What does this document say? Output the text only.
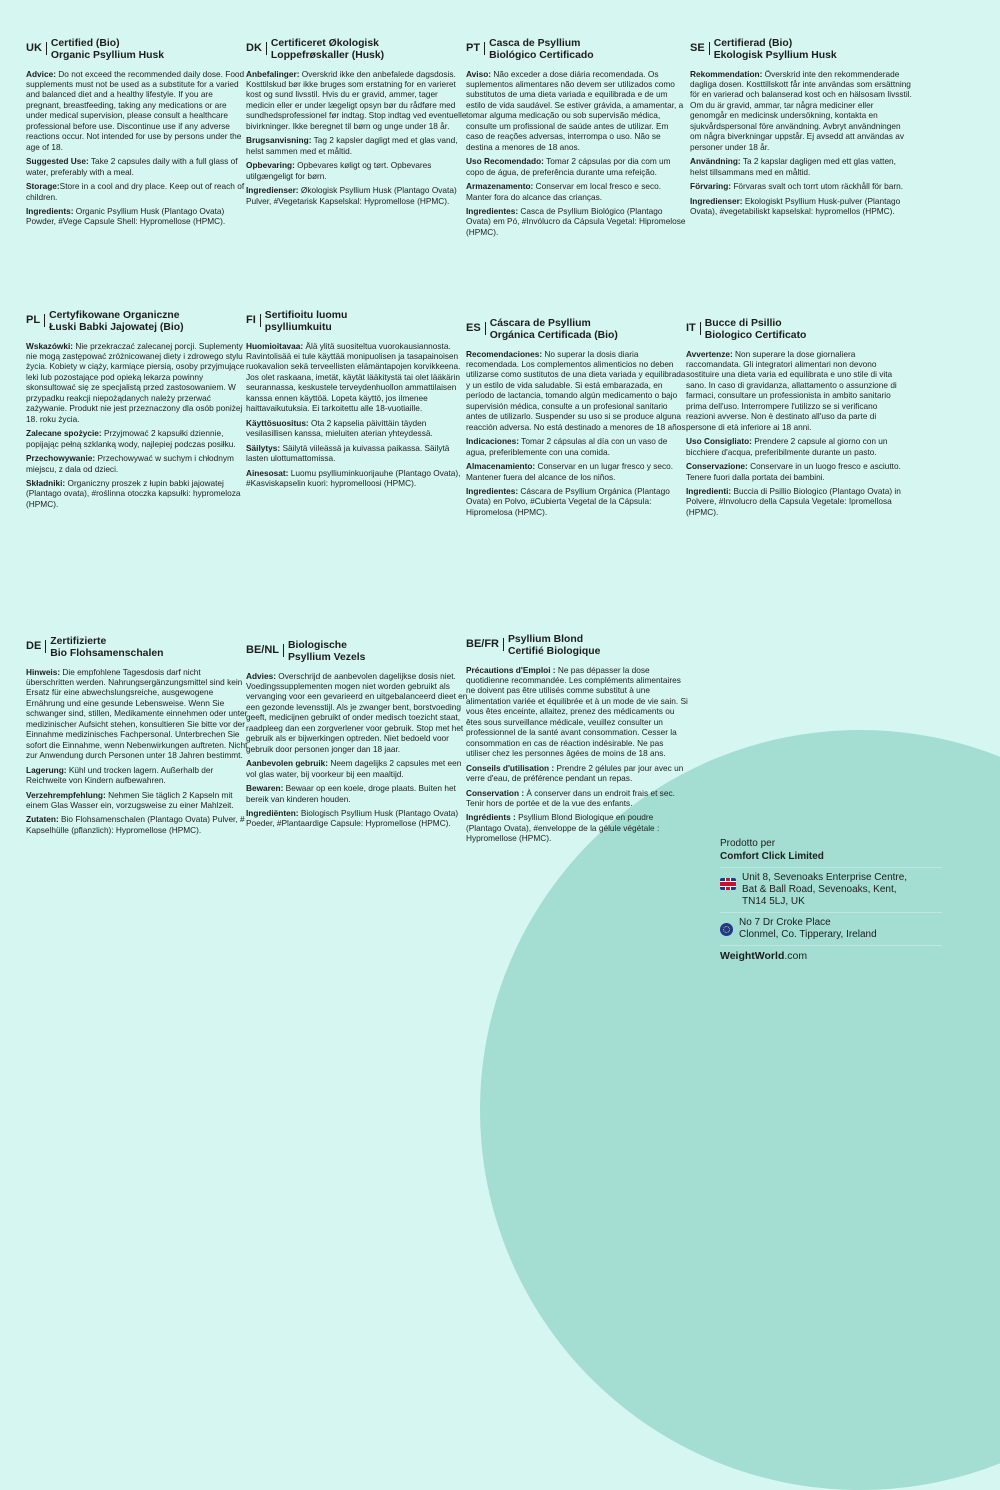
UK Certified (Bio)
Organic Psyllium Husk

Advice: Do not exceed the recommended daily dose. Food supplements must not be used as a substitute for a varied and balanced diet and a healthy lifestyle. If you are pregnant, breastfeeding, taking any medications or are under medical supervision, please consult a healthcare professional before use. Discontinue use if any adverse reactions occur. Not intended for use by persons under the age of 18.

Suggested Use: Take 2 capsules daily with a full glass of water, preferably with a meal.

Storage:Store in a cool and dry place. Keep out of reach of children.

Ingredients: Organic Psyllium Husk (Plantago Ovata) Powder, #Vege Capsule Shell: Hypromellose (HPMC).

DK Certificeret Økologisk
Loppefrøskaller (Husk)

Anbefalinger: Overskrid ikke den anbefalede dagsdosis. Kosttilskud bør ikke bruges som erstatning for en varieret kost og sund livsstil. Hvis du er gravid, ammer, tager medicin eller er under lægeligt opsyn bør du rådføre med sundhedsprofessionel før indtag. Stop indtag ved eventuelle bivirkninger. Ikke beregnet til børn og unge under 18 år.

Brugsanvisning: Tag 2 kapsler dagligt med et glas vand, helst sammen med et måltid.

Opbevaring: Opbevares køligt og tørt. Opbevares utilgængeligt for børn.

Ingredienser: Økologisk Psyllium Husk (Plantago Ovata) Pulver, #Vegetarisk Kapselskal: Hypromellose (HPMC).

PT Casca de Psyllium
Biológico Certificado

Aviso: Não exceder a dose diária recomendada. Os suplementos alimentares não devem ser utilizados como substitutos de uma dieta variada e equilibrada e de um estilo de vida saudável. Se estiver grávida, a amamentar, a tomar alguma medicação ou sob supervisão médica, consulte um profissional de saúde antes de utilizar. Em caso de reações adversas, interrompa o uso. Não se destina a menores de 18 anos.

Uso Recomendado: Tomar 2 cápsulas por dia com um copo de água, de preferência durante uma refeição.

Armazenamento: Conservar em local fresco e seco. Manter fora do alcance das crianças.

Ingredientes: Casca de Psyllium Biológico (Plantago Ovata) em Pó, #Invólucro da Cápsula Vegetal: Hipromelose (HPMC).

SE Certifierad (Bio)
Ekologisk Psyllium Husk

Rekommendation: Överskrid inte den rekommenderade dagliga dosen. Kosttillskott får inte användas som ersättning för en varierad och balanserad kost och en hälsosam livsstil. Om du är gravid, ammar, tar några mediciner eller genomgår en medicinsk undersökning, kontakta en sjukvårdspersonal före användning. Avbryt användningen om några biverkningar uppstår. Ej avsedd att användas av personer under 18 år.

Användning: Ta 2 kapslar dagligen med ett glas vatten, helst tillsammans med en måltid.

Förvaring: Förvaras svalt och torrt utom räckhåll för barn.

Ingredienser: Ekologiskt Psyllium Husk-pulver (Plantago Ovata), #vegetabiliskt kapselskal: hypromellos (HPMC).

PL Certyfikowane Organiczne
Łuski Babki Jajowatej (Bio)

Wskazówki: Nie przekraczać zalecanej porcji. Suplementy nie mogą zastępować zróżnicowanej diety i zdrowego stylu życia. Kobiety w ciąży, karmiące piersią, osoby przyjmujące leki lub pozostające pod opieką lekarza powinny skonsultować się ze specjalistą przed zastosowaniem. W przypadku reakcji niepożądanych należy przerwać zażywanie. Produkt nie jest przeznaczony dla osób poniżej 18. roku życia.

Zalecane spożycie: Przyjmować 2 kapsułki dziennie, popijając pełną szklanką wody, najlepiej podczas posiłku.

Przechowywanie: Przechowywać w suchym i chłodnym miejscu, z dala od dzieci.

Składniki: Organiczny proszek z łupin babki jajowatej (Plantago ovata), #roślinna otoczka kapsułki: hypromeloza (HPMC).

FI Sertifioitu luomu
psylliumkuitu

Huomioitavaa: Älä ylitä suositeltua vuorokausiannosta. Ravintolisää ei tule käyttää monipuolisen ja tasapainoisen ruokavalion sekä terveellisten elämäntapojen korvikkeena. Jos olet raskaana, imetät, käytät lääkitystä tai olet lääkärin seurannassa, keskustele terveydenhuollon ammattilaisen kanssa ennen käyttöä. Lopeta käyttö, jos ilmenee haittavaikutuksia. Ei tarkoitettu alle 18-vuotiaille.

Käyttösuositus: Ota 2 kapselia päivittäin täyden vesilasillisen kanssa, mieluiten aterian yhteydessä.

Säilytys: Säilytä viileässä ja kuivassa paikassa. Säilytä lasten ulottumattomissa.

Ainesosat: Luomu psylliuminkuorijauhe (Plantago Ovata), #Kasviskapselin kuori: hypromelloosi (HPMC).

ES Cáscara de Psyllium
Orgánica Certificada (Bio)

Recomendaciones: No superar la dosis diaria recomendada. Los complementos alimenticios no deben utilizarse como sustitutos de una dieta variada y equilibrada y un estilo de vida saludable. Si está embarazada, en período de lactancia, tomando algún medicamento o bajo supervisión médica, consulte a un profesional sanitario antes de utilizarlo. Suspender su uso si se produce alguna reacción adversa. No está destinado a menores de 18 años.

Indicaciones: Tomar 2 cápsulas al día con un vaso de agua, preferiblemente con una comida.

Almacenamiento: Conservar en un lugar fresco y seco. Mantener fuera del alcance de los niños.

Ingredientes: Cáscara de Psyllium Orgánica (Plantago Ovata) en Polvo, #Cubierta Vegetal de la Cápsula: Hipromelosa (HPMC).

IT Bucce di Psillio
Biologico Certificato

Avvertenze: Non superare la dose giornaliera raccomandata. Gli integratori alimentari non devono sostituire una dieta varia ed equilibrata e uno stile di vita sano. In caso di gravidanza, allattamento o assunzione di farmaci, consultare un professionista in ambito sanitario prima dell'uso. Interrompere l'utilizzo se si verificano reazioni avverse. Non è destinato all'uso da parte di persone di età inferiore ai 18 anni.

Uso Consigliato: Prendere 2 capsule al giorno con un bicchiere d'acqua, preferibilmente durante un pasto.

Conservazione: Conservare in un luogo fresco e asciutto. Tenere fuori dalla portata dei bambini.

Ingredienti: Buccia di Psillio Biologico (Plantago Ovata) in Polvere, #Involucro della Capsula Vegetale: Ipromellosa (HPMC).

DE Zertifizierte
Bio Flohsamenschalen

Hinweis: Die empfohlene Tagesdosis darf nicht überschritten werden. Nahrungsergänzungsmittel sind kein Ersatz für eine abwechslungsreiche, ausgewogene Ernährung und eine gesunde Lebensweise. Wenn Sie schwanger sind, stillen, Medikamente einnehmen oder unter medizinischer Aufsicht stehen, konsultieren Sie bitte vor der Einnahme medizinisches Fachpersonal. Unterbrechen Sie sofort die Einnahme, wenn Nebenwirkungen auftreten. Nicht zur Anwendung durch Personen unter 18 Jahren bestimmt.

Lagerung: Kühl und trocken lagern. Außerhalb der Reichweite von Kindern aufbewahren.

Verzehrempfehlung: Nehmen Sie täglich 2 Kapseln mit einem Glas Wasser ein, vorzugsweise zu einer Mahlzeit.

Zutaten: Bio Flohsamenschalen (Plantago Ovata) Pulver, # Kapselhülle (pflanzlich): Hypromellose (HPMC).

BE/NL Biologische
Psyllium Vezels

Advies: Overschrijd de aanbevolen dagelijkse dosis niet. Voedingssupplementen mogen niet worden gebruikt als vervanging voor een gevarieerd en uitgebalanceerd dieet en een gezonde levensstijl. Als je zwanger bent, borstvoeding geeft, medicijnen gebruikt of onder medisch toezicht staat, raadpleeg dan een zorgverlener voor gebruik. Stop met het gebruik als er bijwerkingen optreden. Niet bedoeld voor gebruik door personen jonger dan 18 jaar.

Aanbevolen gebruik: Neem dagelijks 2 capsules met een vol glas water, bij voorkeur bij een maaltijd.

Bewaren: Bewaar op een koele, droge plaats. Buiten het bereik van kinderen houden.

Ingrediënten: Biologisch Psyllium Husk (Plantago Ovata) Poeder, #Plantaardige Capsule: Hypromellose (HPMC).

BE/FR Psyllium Blond
Certifié Biologique

Précautions d'Emploi : Ne pas dépasser la dose quotidienne recommandée. Les compléments alimentaires ne doivent pas être utilisés comme substitut à une alimentation variée et équilibrée et à un mode de vie sain. Si vous êtes enceinte, allaitez, prenez des médicaments ou êtes sous surveillance médicale, veuillez consulter un professionnel de la santé avant consommation. Cesser la consommation en cas de réaction indésirable. Ne pas utiliser chez les personnes âgées de moins de 18 ans.

Conseils d'utilisation : Prendre 2 gélules par jour avec un verre d'eau, de préférence pendant un repas.

Conservation : À conserver dans un endroit frais et sec. Tenir hors de portée et de la vue des enfants.

Ingrédients : Psyllium Blond Biologique en poudre (Plantago Ovata), #enveloppe de la gélule végétale : Hypromellose (HPMC).	Prodotto per
Comfort Click Limited
Unit 8, Sevenoaks Enterprise Centre,
Bat & Ball Road, Sevenoaks, Kent,
TN14 5LJ, UK
No 7 Dr Croke Place
Clonmel, Co. Tipperary, Ireland
WeightWorld.com
